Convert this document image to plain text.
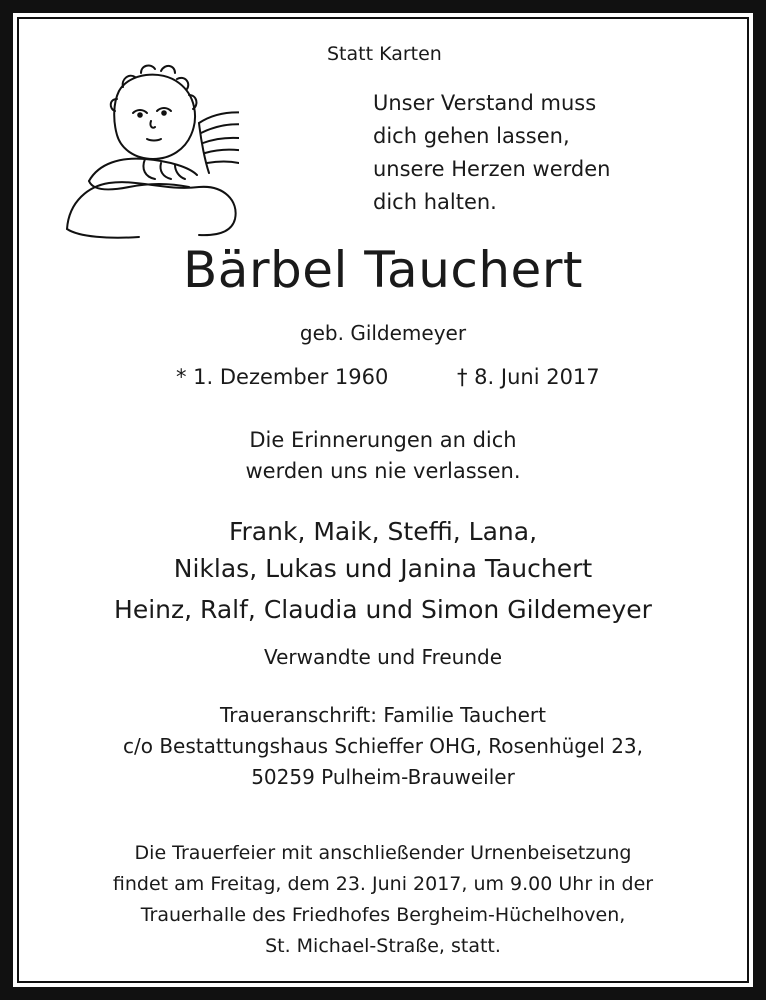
Statt Karten
Unser Verstand muss
dich gehen lassen,
unsere Herzen werden
dich halten.
Bärbel Tauchert
geb. Gildemeyer
* 1. Dezember 1960	† 8. Juni 2017
Die Erinnerungen an dich
werden uns nie verlassen.
Frank, Maik, Steffi, Lana,
Niklas, Lukas und Janina Tauchert
Heinz, Ralf, Claudia und Simon Gildemeyer
Verwandte und Freunde
Traueranschrift: Familie Tauchert
c/o Bestattungshaus Schieffer OHG, Rosenhügel 23,
50259 Pulheim-Brauweiler
Die Trauerfeier mit anschließender Urnenbeisetzung
findet am Freitag, dem 23. Juni 2017, um 9.00 Uhr in der
Trauerhalle des Friedhofes Bergheim-Hüchelhoven,
St. Michael-Straße, statt.
